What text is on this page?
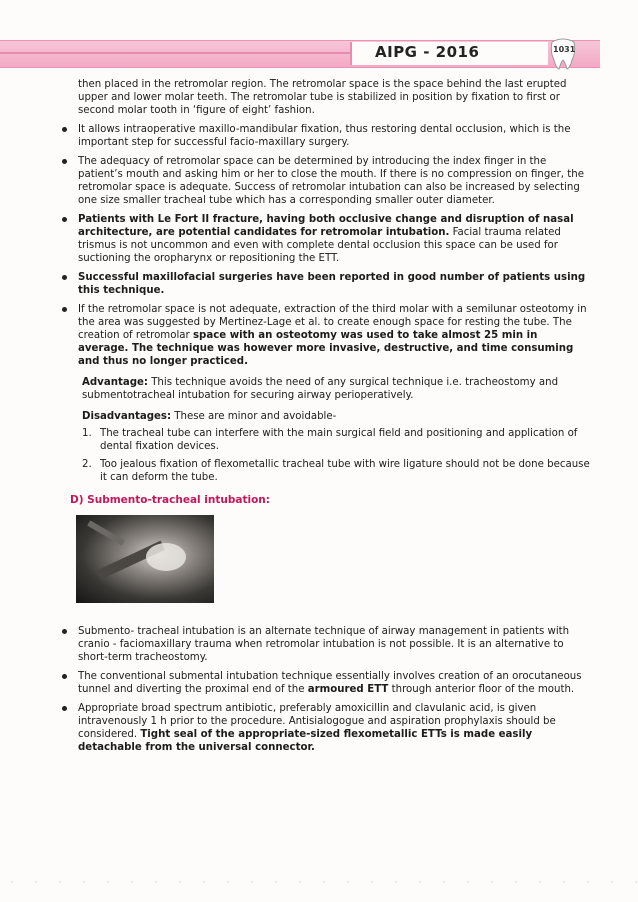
AIPG - 2016	1031

then placed in the retromolar region. The retromolar space is the space behind the last erupted upper and lower molar teeth. The retromolar tube is stabilized in position by fixation to first or second molar tooth in ‘figure of eight’ fashion.

It allows intraoperative maxillo-mandibular fixation, thus restoring dental occlusion, which is the important step for successful facio-maxillary surgery.
The adequacy of retromolar space can be determined by introducing the index finger in the patient’s mouth and asking him or her to close the mouth. If there is no compression on finger, the retromolar space is adequate. Success of retromolar intubation can also be increased by selecting one size smaller tracheal tube which has a corresponding smaller outer diameter.
Patients with Le Fort II fracture, having both occlusive change and disruption of nasal architecture, are potential candidates for retromolar intubation. Facial trauma related trismus is not uncommon and even with complete dental occlusion this space can be used for suctioning the oropharynx or repositioning the ETT.
Successful maxillofacial surgeries have been reported in good number of patients using this technique.
If the retromolar space is not adequate, extraction of the third molar with a semilunar osteotomy in the area was suggested by Mertinez-Lage et al. to create enough space for resting the tube. The creation of retromolar space with an osteotomy was used to take almost 25 min in average. The technique was however more invasive, destructive, and time consuming and thus no longer practiced.
Advantage: This technique avoids the need of any surgical technique i.e. tracheostomy and submentotracheal intubation for securing airway perioperatively.
Disadvantages: These are minor and avoidable-
1. The tracheal tube can interfere with the main surgical field and positioning and application of dental fixation devices.
2. Too jealous fixation of flexometallic tracheal tube with wire ligature should not be done because it can deform the tube.
D) Submento-tracheal intubation:
Submento- tracheal intubation is an alternate technique of airway management in patients with cranio - faciomaxillary trauma when retromolar intubation is not possible. It is an alternative to short-term tracheostomy.
The conventional submental intubation technique essentially involves creation of an orocutaneous tunnel and diverting the proximal end of the armoured ETT through anterior floor of the mouth.
Appropriate broad spectrum antibiotic, preferably amoxicillin and clavulanic acid, is given intravenously 1 h prior to the procedure. Antisialogogue and aspiration prophylaxis should be considered. Tight seal of the appropriate-sized flexometallic ETTs is made easily detachable from the universal connector.
